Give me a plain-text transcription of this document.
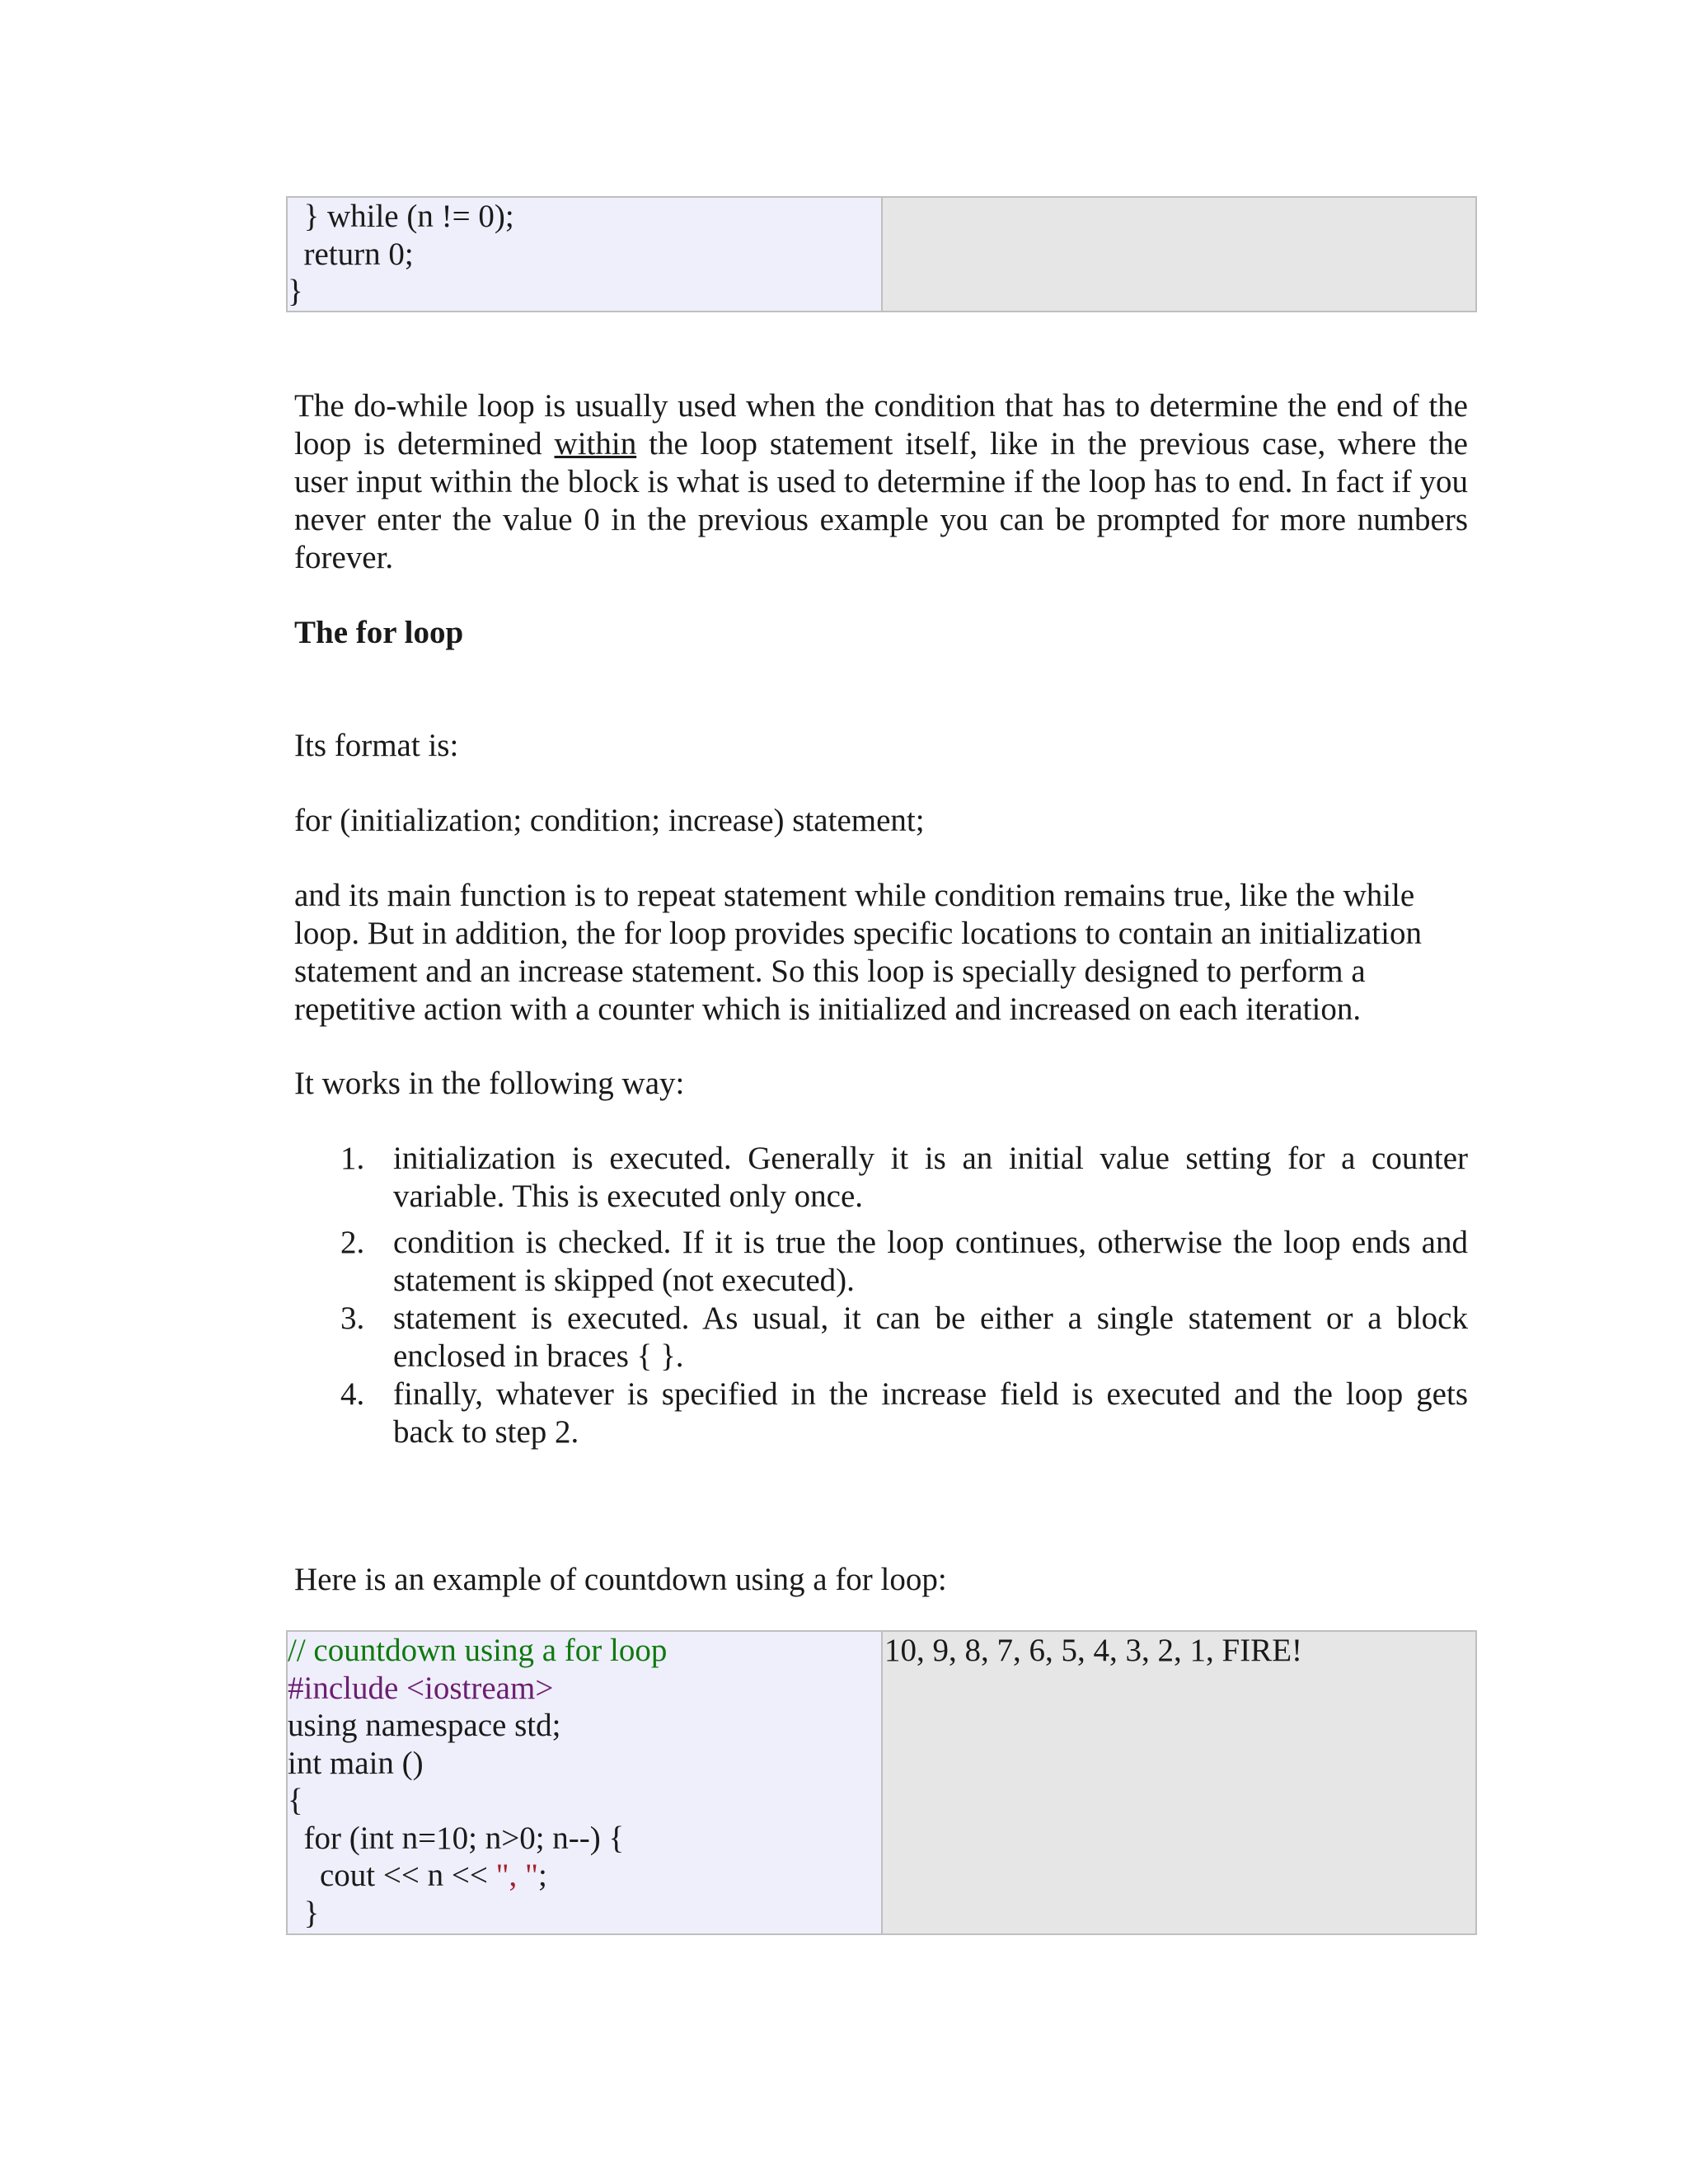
} while (n != 0);
return 0;
}

The do-while loop is usually used when the condition that has to determine the end of the loop is determined within the loop statement itself, like in the previous case, where the user input within the block is what is used to determine if the loop has to end. In fact if you never enter the value 0 in the previous example you can be prompted for more numbers forever.

The for loop

Its format is:

for (initialization; condition; increase) statement;

and its main function is to repeat statement while condition remains true, like the while loop. But in addition, the for loop provides specific locations to contain an initialization statement and an increase statement. So this loop is specially designed to perform a repetitive action with a counter which is initialized and increased on each iteration.

It works in the following way:

1. initialization is executed. Generally it is an initial value setting for a counter variable. This is executed only once.
2. condition is checked. If it is true the loop continues, otherwise the loop ends and statement is skipped (not executed).
3. statement is executed. As usual, it can be either a single statement or a block enclosed in braces { }.
4. finally, whatever is specified in the increase field is executed and the loop gets back to step 2.

Here is an example of countdown using a for loop:

// countdown using a for loop
#include <iostream>
using namespace std;
int main ()
{
for (int n=10; n>0; n--) {
cout << n << ", ";
}

10, 9, 8, 7, 6, 5, 4, 3, 2, 1, FIRE!
